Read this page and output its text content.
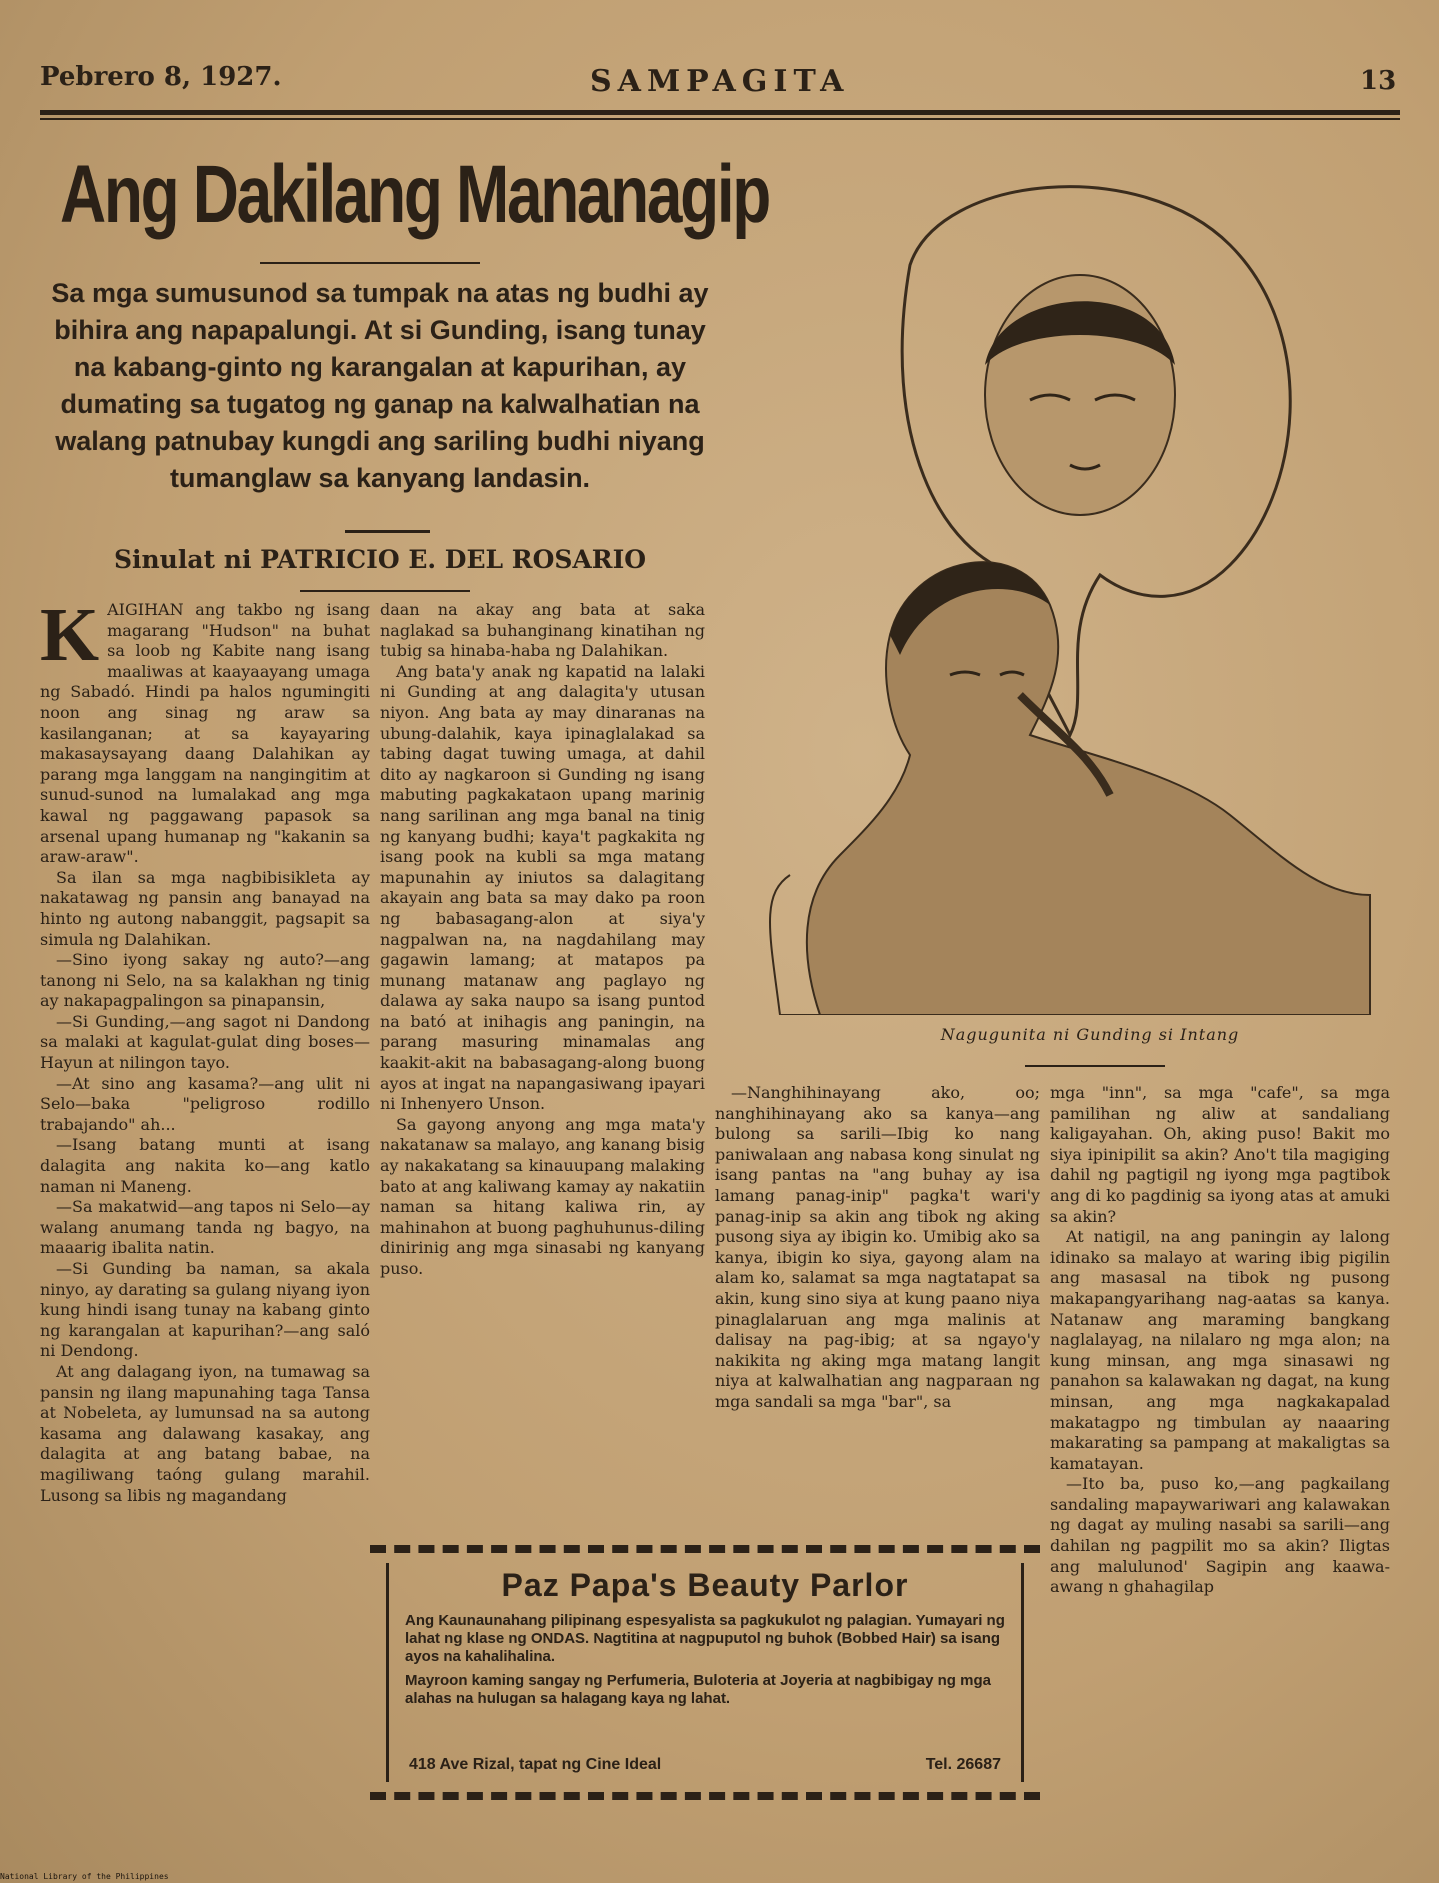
Pebrero 8, 1927.	SAMPAGITA	13
Ang Dakilang Mananagip
Sa mga sumusunod sa tumpak na atas ng budhi ay bihira ang napapalungi. At si Gunding, isang tunay na kabang-ginto ng karangalan at kapurihan, ay dumating sa tugatog ng ganap na kalwalhatian na walang patnubay kungdi ang sariling budhi niyang tumanglaw sa kanyang landasin.
Sinulat ni PATRICIO E. DEL ROSARIO

KAIGIHAN ang takbo ng isang magarang "Hudson" na buhat sa loob ng Kabite nang isang maaliwas at kaayaayang umaga ng Sabadó. Hindi pa halos ngumingiti noon ang sinag ng araw sa kasilanganan; at sa kayayaring makasaysayang daang Dalahikan ay parang mga langgam na nangingitim at sunud-sunod na lumalakad ang mga kawal ng paggawang papasok sa arsenal upang humanap ng "kakanin sa araw-araw".

Sa ilan sa mga nagbibisikleta ay nakatawag ng pansin ang banayad na hinto ng autong nabanggit, pagsapit sa simula ng Dalahikan.

—Sino iyong sakay ng auto?—ang tanong ni Selo, na sa kalakhan ng tinig ay nakapagpalingon sa pinapansin,

—Si Gunding,—ang sagot ni Dandong sa malaki at kagulat-gulat ding boses—Hayun at nilingon tayo.

—At sino ang kasama?—ang ulit ni Selo—baka "peligroso rodillo trabajando" ah...

—Isang batang munti at isang dalagita ang nakita ko—ang katlo naman ni Maneng.

—Sa makatwid—ang tapos ni Selo—ay walang anumang tanda ng bagyo, na maaarig ibalita natin.

—Si Gunding ba naman, sa akala ninyo, ay darating sa gulang niyang iyon kung hindi isang tunay na kabang ginto ng karangalan at kapurihan?—ang saló ni Dendong.

At ang dalagang iyon, na tumawag sa pansin ng ilang mapunahing taga Tansa at Nobeleta, ay lumunsad na sa autong kasama ang dalawang kasakay, ang dalagita at ang batang babae, na magiliwang taóng gulang marahil. Lusong sa libis ng magandang

daan na akay ang bata at saka naglakad sa buhanginang kinatihan ng tubig sa hinaba-haba ng Dalahikan.

Ang bata'y anak ng kapatid na lalaki ni Gunding at ang dalagita'y utusan niyon. Ang bata ay may dinaranas na ubung-dalahik, kaya ipinaglalakad sa tabing dagat tuwing umaga, at dahil dito ay nagkaroon si Gunding ng isang mabuting pagkakataon upang marinig nang sarilinan ang mga banal na tinig ng kanyang budhi; kaya't pagkakita ng isang pook na kubli sa mga matang mapunahin ay iniutos sa dalagitang akayain ang bata sa may dako pa roon ng babasagang-alon at siya'y nagpalwan na, na nagdahilang may gagawin lamang; at matapos pa munang matanaw ang paglayo ng dalawa ay saka naupo sa isang puntod na bató at inihagis ang paningin, na parang masuring minamalas ang kaakit-akit na babasagang-along buong ayos at ingat na napangasiwang ipayari ni Inhenyero Unson.

Sa gayong anyong ang mga mata'y nakatanaw sa malayo, ang kanang bisig ay nakakatang sa kinauupang malaking bato at ang kaliwang kamay ay nakatiin naman sa hitang kaliwa rin, ay mahinahon at buong paghuhunus-diling dinirinig ang mga sinasabi ng kanyang puso.

Nagugunita ni Gunding si Intang

—Nanghihinayang ako, oo; nanghihinayang ako sa kanya—ang bulong sa sarili—Ibig ko nang paniwalaan ang nabasa kong sinulat ng isang pantas na "ang buhay ay isa lamang panag-inip" pagka't wari'y panag-inip sa akin ang tibok ng aking pusong siya ay ibigin ko. Umibig ako sa kanya, ibigin ko siya, gayong alam na alam ko, salamat sa mga nagtatapat sa akin, kung sino siya at kung paano niya pinaglalaruan ang mga malinis at dalisay na pag-ibig; at sa ngayo'y nakikita ng aking mga matang langit niya at kalwalhatian ang nagparaan ng mga sandali sa mga "bar", sa

mga "inn", sa mga "cafe", sa mga pamilihan ng aliw at sandaliang kaligayahan. Oh, aking puso! Bakit mo siya ipinipilit sa akin? Ano't tila magiging dahil ng pagtigil ng iyong mga pagtibok ang di ko pagdinig sa iyong atas at amuki sa akin?

At natigil, na ang paningin ay lalong idinako sa malayo at waring ibig pigilin ang masasal na tibok ng pusong makapangyarihang nag-aatas sa kanya. Natanaw ang maraming bangkang naglalayag, na nilalaro ng mga alon; na kung minsan, ang mga sinasawi ng panahon sa kalawakan ng dagat, na kung minsan, ang mga nagkakapalad makatagpo ng timbulan ay naaaring makarating sa pampang at makaligtas sa kamatayan.

—Ito ba, puso ko,—ang pagkailang sandaling mapaywariwari ang kalawakan ng dagat ay muling nasabi sa sarili—ang dahilan ng pagpilit mo sa akin? Iligtas ang malulunod' Sagipin ang kaawa-awang n ghahagilap

Paz Papa's Beauty Parlor
Ang Kaunaunahang pilipinang espesyalista sa pagkukulot ng palagian. Yumayari ng lahat ng klase ng ONDAS. Nagtitina at nagpuputol ng buhok (Bobbed Hair) sa isang ayos na kahalihalina.
Mayroon kaming sangay ng Perfumeria, Buloteria at Joyeria at nagbibigay ng mga alahas na hulugan sa halagang kaya ng lahat.
418 Ave Rizal, tapat ng Cine Ideal	Tel. 26687
National Library of the Philippines
